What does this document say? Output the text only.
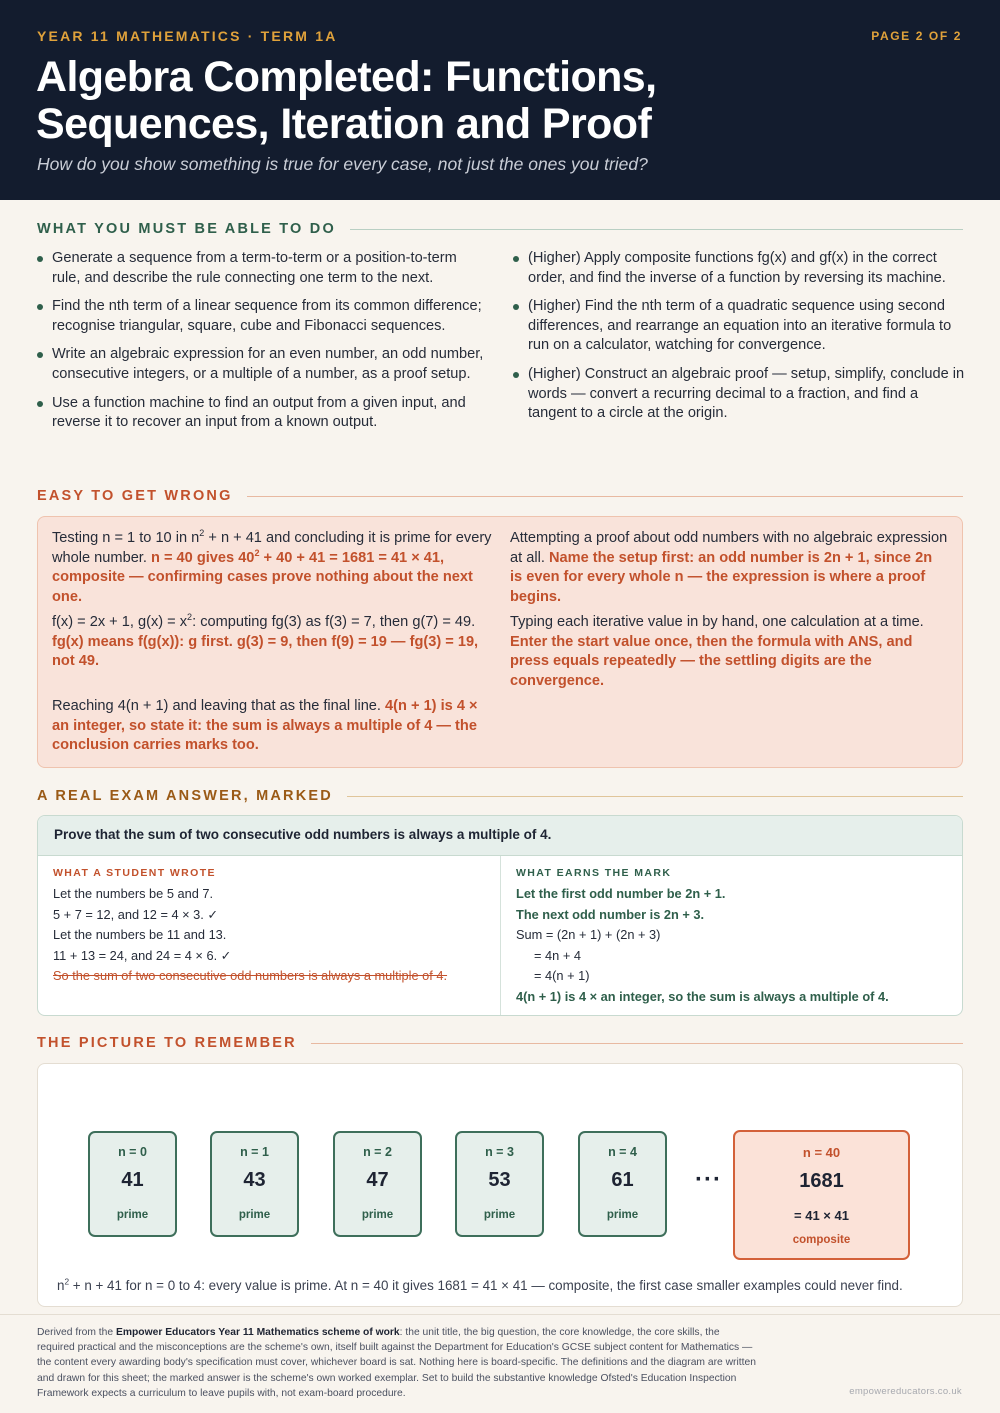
YEAR 11 MATHEMATICS · TERM 1A	PAGE 2 OF 2
Algebra Completed: Functions,
Sequences, Iteration and Proof
How do you show something is true for every case, not just the ones you tried?
WHAT YOU MUST BE ABLE TO DO
Generate a sequence from a term-to-term or a position-to-term rule, and describe the rule connecting one term to the next.
Find the nth term of a linear sequence from its common difference; recognise triangular, square, cube and Fibonacci sequences.
Write an algebraic expression for an even number, an odd number, consecutive integers, or a multiple of a number, as a proof setup.
Use a function machine to find an output from a given input, and reverse it to recover an input from a known output.
(Higher) Apply composite functions fg(x) and gf(x) in the correct order, and find the inverse of a function by reversing its machine.
(Higher) Find the nth term of a quadratic sequence using second differences, and rearrange an equation into an iterative formula to run on a calculator, watching for convergence.
(Higher) Construct an algebraic proof — setup, simplify, conclude in words — convert a recurring decimal to a fraction, and find a tangent to a circle at the origin.
EASY TO GET WRONG
Testing n = 1 to 10 in $n^2 + n + 41$ and concluding it is prime for every whole number. n = 40 gives $40^2 + 40 + 41 = 1681 = 41 \times 41$, composite — confirming cases prove nothing about the next one.
f(x) = 2x + 1, $g(x) = x^2$: computing fg(3) as f(3) = 7, then g(7) = 49. fg(x) means f(g(x)): g first. g(3) = 9, then f(9) = 19 — fg(3) = 19, not 49.
Reaching 4(n + 1) and leaving that as the final line. 4(n + 1) is 4 × an integer, so state it: the sum is always a multiple of 4 — the conclusion carries marks too.
Attempting a proof about odd numbers with no algebraic expression at all. Name the setup first: an odd number is 2n + 1, since 2n is even for every whole n — the expression is where a proof begins.
Typing each iterative value in by hand, one calculation at a time. Enter the start value once, then the formula with ANS, and press equals repeatedly — the settling digits are the convergence.
A REAL EXAM ANSWER, MARKED
Prove that the sum of two consecutive odd numbers is always a multiple of 4.
WHAT A STUDENT WROTE
Let the numbers be 5 and 7.
5 + 7 = 12, and 12 = 4 × 3. ✓
Let the numbers be 11 and 13.
11 + 13 = 24, and 24 = 4 × 6. ✓
So the sum of two consecutive odd numbers is always a multiple of 4.
WHAT EARNS THE MARK
Let the first odd number be 2n + 1.
The next odd number is 2n + 3.
Sum = (2n + 1) + (2n + 3)
= 4n + 4
= 4(n + 1)
4(n + 1) is 4 × an integer, so the sum is always a multiple of 4.
THE PICTURE TO REMEMBER
n = 0
41
prime
n = 1
43
prime
n = 2
47
prime
n = 3
53
prime
n = 4
61
prime
···
n = 40
1681
= 41 × 41
composite
$n^2 + n + 41$ for n = 0 to 4: every value is prime. At n = 40 it gives 1681 = 41 × 41 — composite, the first case smaller examples could never find.
Derived from the Empower Educators Year 11 Mathematics scheme of work: the unit title, the big question, the core knowledge, the core skills, the required practical and the misconceptions are the scheme's own, itself built against the Department for Education's GCSE subject content for Mathematics — the content every awarding body's specification must cover, whichever board is sat. Nothing here is board-specific. The definitions and the diagram are written and drawn for this sheet; the marked answer is the scheme's own worked exemplar. Set to build the substantive knowledge Ofsted's Education Inspection Framework expects a curriculum to leave pupils with, not exam-board procedure.	empowereducators.co.uk
